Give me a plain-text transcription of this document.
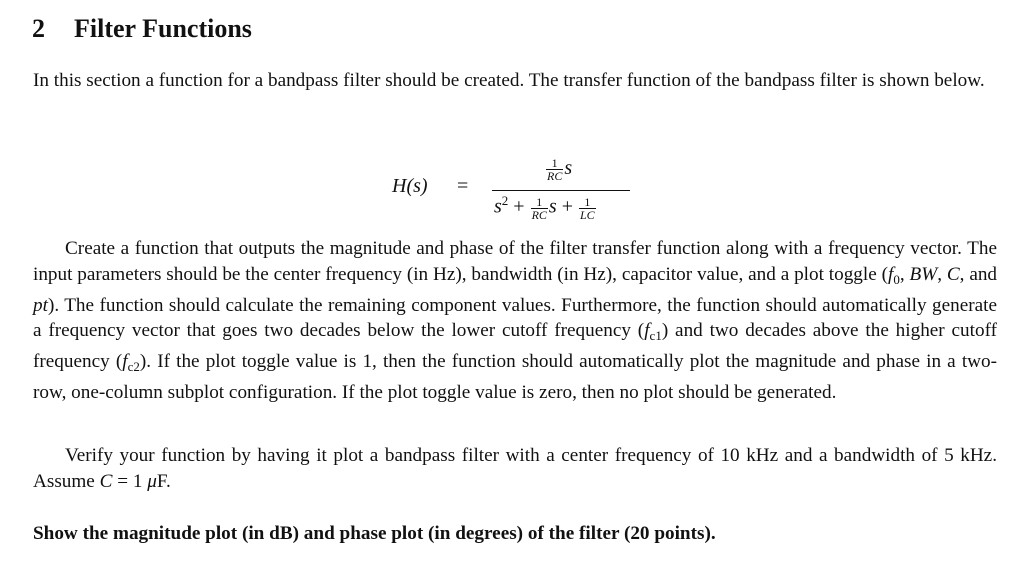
2 Filter Functions

In this section a function for a bandpass filter should be created. The transfer function of the bandpass filter is shown below.

H(s) =
$\frac{1}{RC}$ s
$s^2 + \frac{1}{RC}$ $s + \frac{1}{LC}$

Create a function that outputs the magnitude and phase of the filter transfer function along with a frequency vector. The input parameters should be the center frequency (in Hz), bandwidth (in Hz), capacitor value, and a plot toggle ($f_0$, BW, C, and pt). The function should calculate the remaining component values. Furthermore, the function should automatically generate a frequency vector that goes two decades below the lower cutoff frequency $(f_{c1})$ and two decades above the higher cutoff frequency $(f_{c2})$. If the plot toggle value is 1, then the function should automatically plot the magnitude and phase in a two- row, one-column subplot configuration. If the plot toggle value is zero, then no plot should be generated.

Verify your function by having it plot a bandpass filter with a center frequency of 10 kHz and a bandwidth of 5 kHz. Assume C = 1 μF.

Show the magnitude plot (in dB) and phase plot (in degrees) of the filter (20 points).
